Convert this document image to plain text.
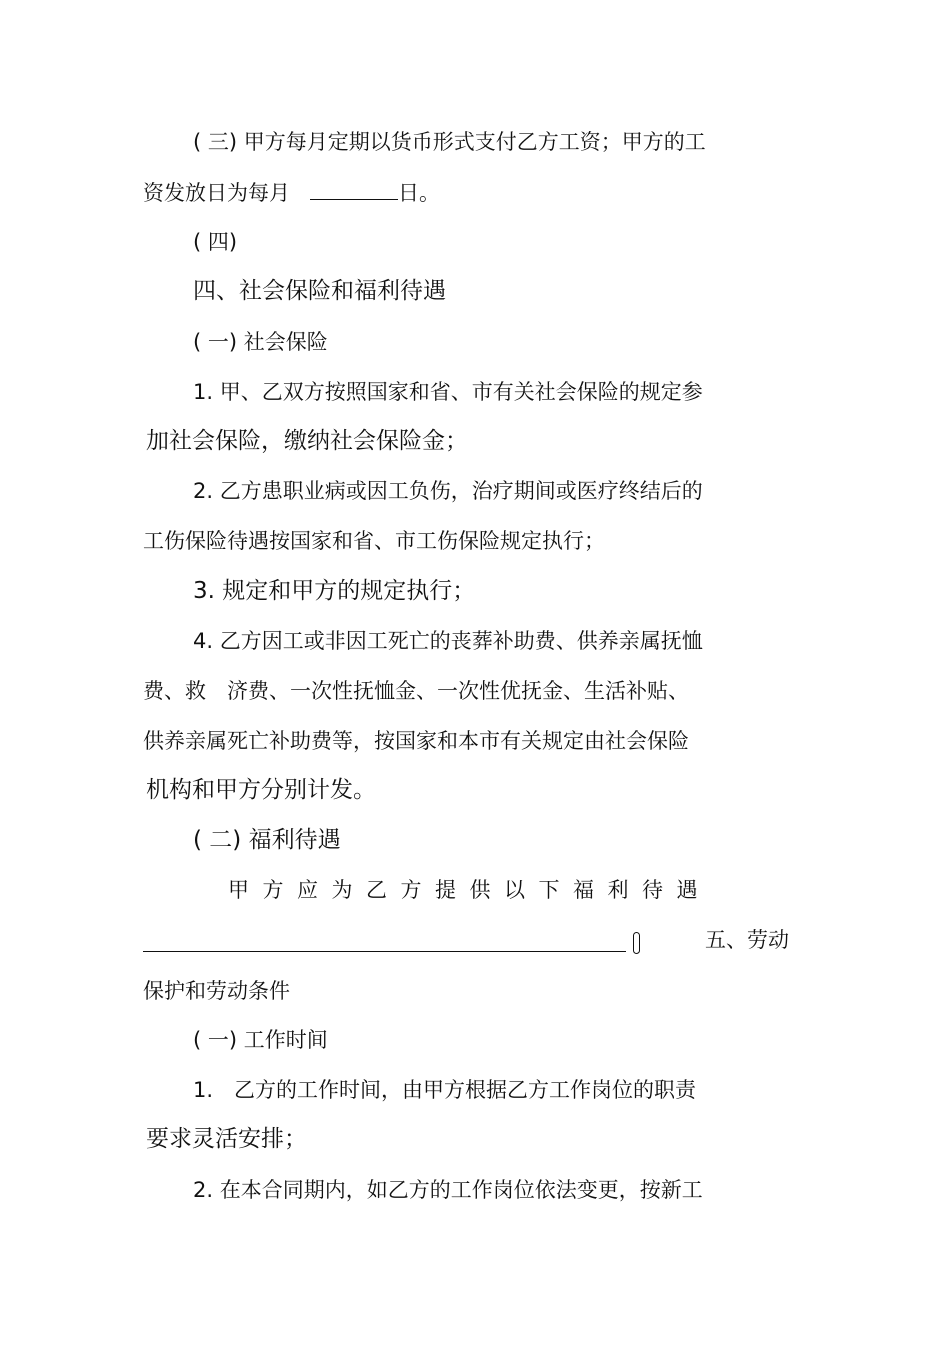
( 三) 甲方每月定期以货币形式支付乙方工资；甲方的工

资发放日为每月	日。

( 四)

四、社会保险和福利待遇

( 一) 社会保险

1. 甲、乙双方按照国家和省、市有关社会保险的规定参

加社会保险，缴纳社会保险金；

2. 乙方患职业病或因工负伤，治疗期间或医疗终结后的

工伤保险待遇按国家和省、市工伤保险规定执行；

3. 规定和甲方的规定执行；

4. 乙方因工或非因工死亡的丧葬补助费、供养亲属抚恤

费、救　济费、一次性抚恤金、一次性优抚金、生活补贴、

供养亲属死亡补助费等，按国家和本市有关规定由社会保险

机构和甲方分别计发。

( 二) 福利待遇

甲方应为乙方提供以下福利待遇

五、劳动

保护和劳动条件

( 一) 工作时间

1.　乙方的工作时间，由甲方根据乙方工作岗位的职责

要求灵活安排；

2. 在本合同期内，如乙方的工作岗位依法变更，按新工
